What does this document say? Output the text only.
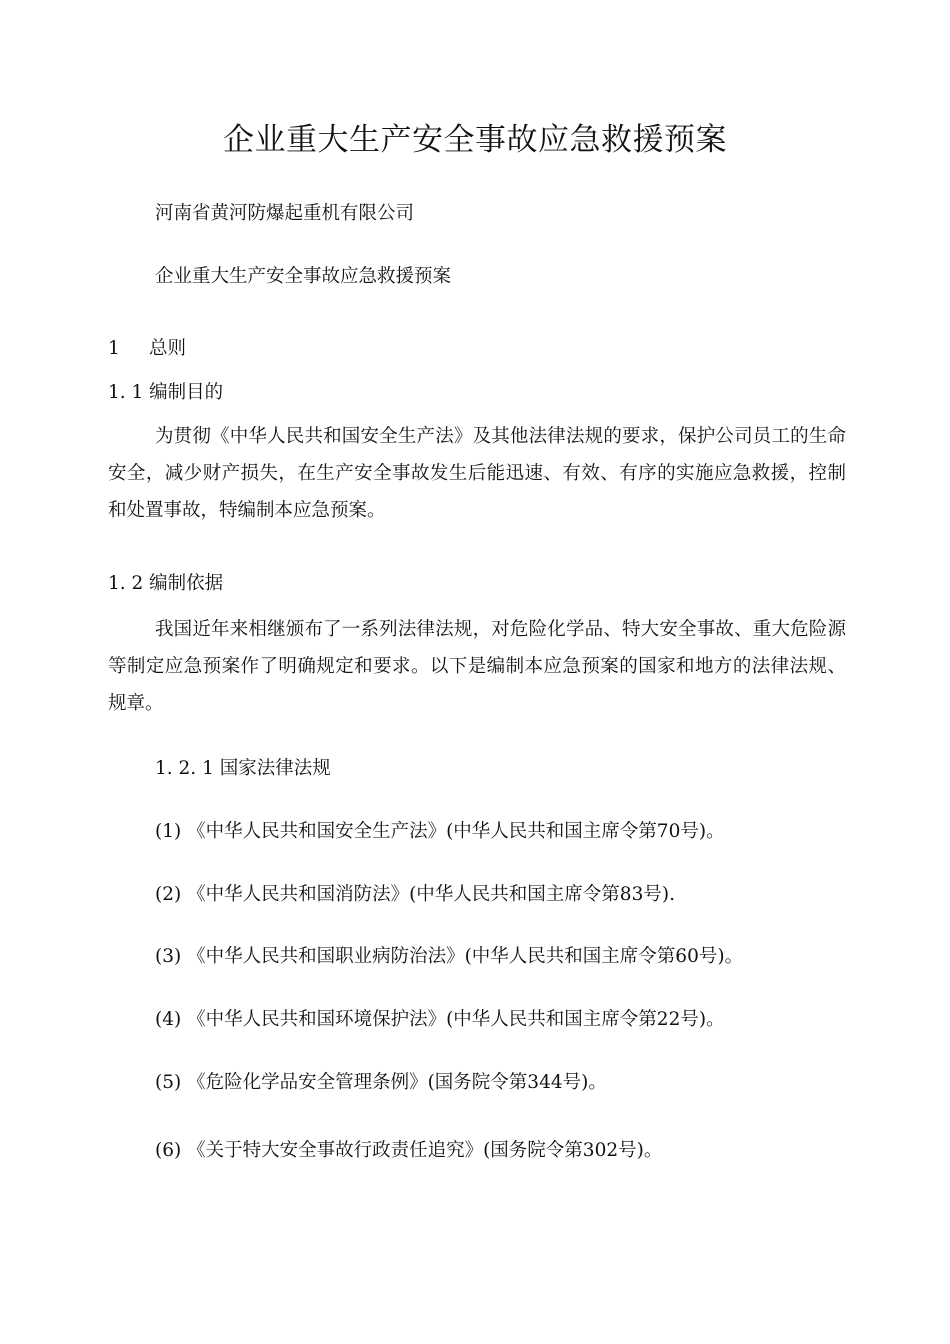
企业重大生产安全事故应急救援预案

河南省黄河防爆起重机有限公司

企业重大生产安全事故应急救援预案

1 总则

1. 1 编制目的

为贯彻《中华人民共和国安全生产法》及其他法律法规的要求，保护公司员工的生命安全，减少财产损失，在生产安全事故发生后能迅速、有效、有序的实施应急救援，控制和处置事故，特编制本应急预案。

1. 2 编制依据

我国近年来相继颁布了一系列法律法规，对危险化学品、特大安全事故、重大危险源等制定应急预案作了明确规定和要求。以下是编制本应急预案的国家和地方的法律法规、规章。

1. 2. 1 国家法律法规

(1) 《中华人民共和国安全生产法》(中华人民共和国主席令第70号)。

(2) 《中华人民共和国消防法》(中华人民共和国主席令第83号).

(3) 《中华人民共和国职业病防治法》(中华人民共和国主席令第60号)。

(4) 《中华人民共和国环境保护法》(中华人民共和国主席令第22号)。

(5) 《危险化学品安全管理条例》(国务院令第344号)。

(6) 《关于特大安全事故行政责任追究》(国务院令第302号)。
